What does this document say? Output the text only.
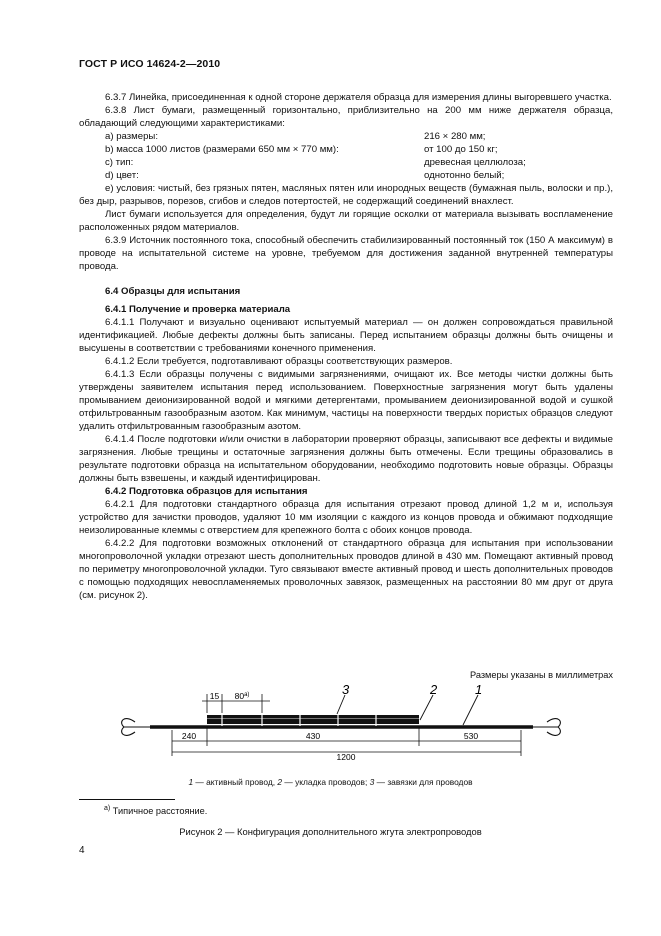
ГОСТ Р ИСО 14624-2—2010

6.3.7 Линейка, присоединенная к одной стороне держателя образца для измерения длины выгоревшего участка.

6.3.8 Лист бумаги, размещенный горизонтально, приблизительно на 200 мм ниже держателя образца, обладающий следующими характеристиками:

a) размеры:	216 × 280 мм;
b) масса 1000 листов (размерами 650 мм × 770 мм):	от 100 до 150 кг;
c) тип:	древесная целлюлоза;
d) цвет:	однотонно белый;

е) условия: чистый, без грязных пятен, масляных пятен или инородных веществ (бумажная пыль, волоски и пр.), без дыр, разрывов, порезов, сгибов и следов потертостей, не содержащий соединений внахлест.

Лист бумаги используется для определения, будут ли горящие осколки от материала вызывать воспламенение расположенных рядом материалов.

6.3.9 Источник постоянного тока, способный обеспечить стабилизированный постоянный ток (150 А максимум) в проводе на испытательной системе на уровне, требуемом для достижения заданной внутренней температуры провода.

6.4 Образцы для испытания

6.4.1 Получение и проверка материала

6.4.1.1 Получают и визуально оценивают испытуемый материал — он должен сопровождаться правильной идентификацией. Любые дефекты должны быть записаны. Перед испытанием образцы должны быть очищены и высушены в соответствии с требованиями конечного применения.

6.4.1.2 Если требуется, подготавливают образцы соответствующих размеров.

6.4.1.3 Если образцы получены с видимыми загрязнениями, очищают их. Все методы чистки должны быть утверждены заявителем испытания перед использованием. Поверхностные загрязнения могут быть удалены промыванием деионизированной водой и мягкими детергентами, промыванием деионизированной водой и сушкой отфильтрованным газообразным азотом. Как минимум, частицы на поверхности твердых пористых образцов следуют удалить отфильтрованным газообразным азотом.

6.4.1.4 После подготовки и/или очистки в лаборатории проверяют образцы, записывают все дефекты и видимые загрязнения. Любые трещины и остаточные загрязнения должны быть отмечены. Если трещины образовались в результате подготовки образца на испытательном оборудовании, необходимо подготовить новые образцы. Образцы должны быть взвешены, и каждый идентифицирован.

6.4.2 Подготовка образцов для испытания

6.4.2.1 Для подготовки стандартного образца для испытания отрезают провод длиной 1,2 м и, используя устройство для зачистки проводов, удаляют 10 мм изоляции с каждого из концов провода и обжимают подходящие неизолированные клеммы с отверстием для крепежного болта с обоих концов провода.

6.4.2.2 Для подготовки возможных отклонений от стандартного образца для испытания при использовании многопроволочной укладки отрезают шесть дополнительных проводов длиной в 430 мм. Помещают активный провод по периметру многопроволочной укладки. Туго связывают вместе активный провод и шесть дополнительных проводов с помощью подходящих невоспламеняемых проволочных завязок, размещенных на расстоянии 80 мм друг от друга (см. рисунок 2).

Размеры указаны в миллиметрах
15 80$^{a)}$	3	2	1
240	430	530
1200
1 — активный провод, 2 — укладка проводов; 3 — завязки для проводов
$^{a)}$ Типичное расстояние.
Рисунок 2 — Конфигурация дополнительного жгута электропроводов
4
